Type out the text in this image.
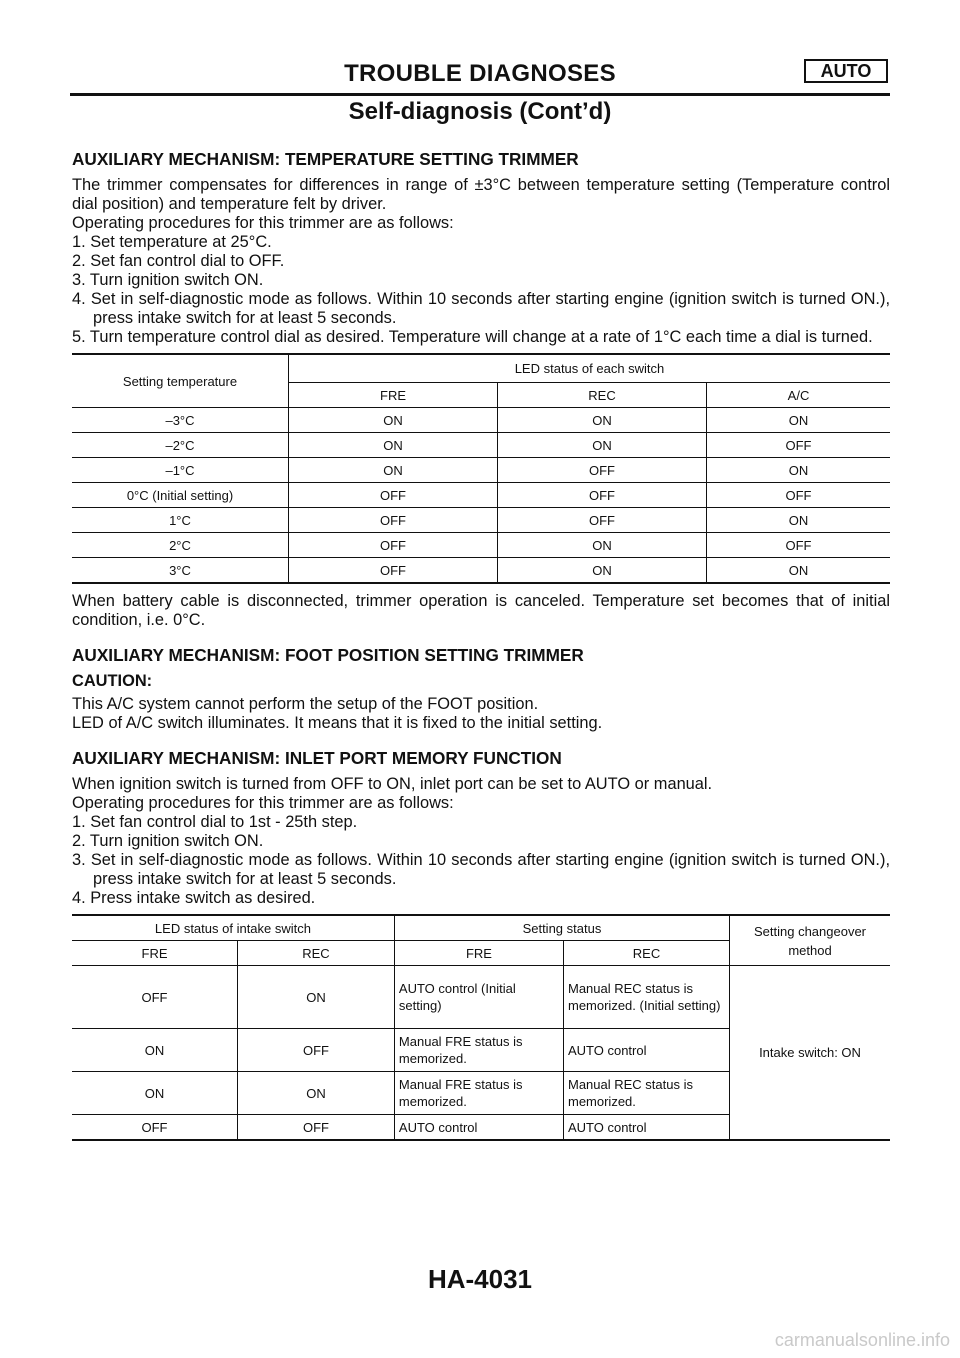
TROUBLE DIAGNOSES	AUTO
Self-diagnosis (Cont’d)
AUXILIARY MECHANISM: TEMPERATURE SETTING TRIMMER

The trimmer compensates for differences in range of ±3°C between temperature setting (Temperature control dial position) and temperature felt by driver.

Operating procedures for this trimmer are as follows:

1. Set temperature at 25°C.
2. Set fan control dial to OFF.
3. Turn ignition switch ON.
4. Set in self-diagnostic mode as follows. Within 10 seconds after starting engine (ignition switch is turned ON.), press intake switch for at least 5 seconds.
5. Turn temperature control dial as desired. Temperature will change at a rate of 1°C each time a dial is turned.
Setting temperature	LED status of each switch		
	FRE	REC	A/C
–3°C	ON	ON	ON
–2°C	ON	ON	OFF
–1°C	ON	OFF	ON
0°C (Initial setting)	OFF	OFF	OFF
1°C	OFF	OFF	ON
2°C	OFF	ON	OFF
3°C	OFF	ON	ON

When battery cable is disconnected, trimmer operation is canceled. Temperature set becomes that of initial condition, i.e. 0°C.

AUXILIARY MECHANISM: FOOT POSITION SETTING TRIMMER

CAUTION:

This A/C system cannot perform the setup of the FOOT position.

LED of A/C switch illuminates. It means that it is fixed to the initial setting.

AUXILIARY MECHANISM: INLET PORT MEMORY FUNCTION

When ignition switch is turned from OFF to ON, inlet port can be set to AUTO or manual.

Operating procedures for this trimmer are as follows:

1. Set fan control dial to 1st - 25th step.
2. Turn ignition switch ON.
3. Set in self-diagnostic mode as follows. Within 10 seconds after starting engine (ignition switch is turned ON.), press intake switch for at least 5 seconds.
4. Press intake switch as desired.
LED status of intake switch		Setting status		Setting changeover method
FRE	REC	FRE	REC	
OFF	ON	AUTO control (Initial setting)	Manual REC status is memorized. (Initial setting)	Intake switch: ON
ON	OFF	Manual FRE status is memorized.	AUTO control	
ON	ON	Manual FRE status is memorized.	Manual REC status is memorized.	
OFF	OFF	AUTO control	AUTO control	
HA-4031
carmanualsonline.info
